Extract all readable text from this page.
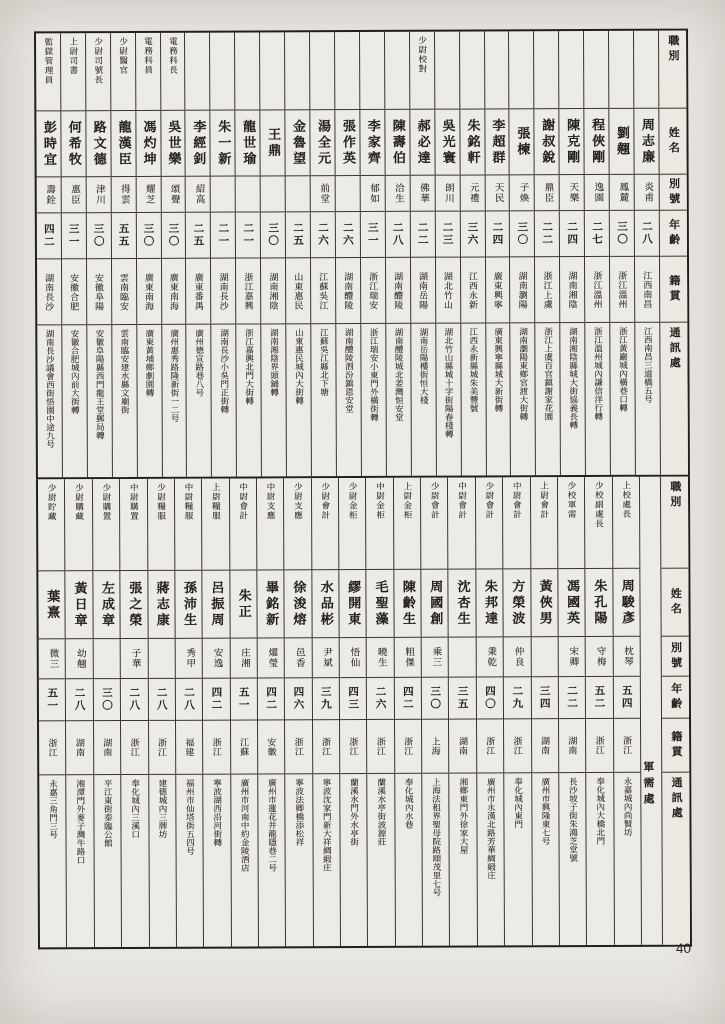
職別
姓名
別號
年齡
籍貫
通訊處
周志廉
炎甫
二八
江西南昌
江西南昌三道橋五号
劉翹
鳳麓
三〇
浙江溫州
浙江黃巖城內橫巷口轉
程俠剛
逸園
二七
浙江溫州
浙江溫州城內謙信洋行轉
陳克剛
天樂
二四
湖南湘陰
湖南湘陰縣城大街協義長轉
謝叔銳
鼎臣
二二
浙江上虞
浙江上虞百官鎮謝家花園
張楝
子煥
三〇
湖南瀏陽
湖南瀏陽東鄉官渡大街轉
李超群
天民
二四
廣東興寧
廣東興寧縣城大新街轉
朱銘軒
元禮
三六
江西永新
江西永新縣城朱美豐號
吳光寰
朗川
二三
湖北竹山
湖北竹山縣城十字街陽春棧轉
少尉校對
郝必達
佛華
二二
湖南岳陽
湖南岳陽樓街恒大棧
陳壽伯
洽生
二八
湖南醴陵
湖南醴陵城北姜灣恒安堂
李家齊
郁如
三一
浙江瑞安
浙江瑞安小東門外橫街轉
張作英
二六
湖南醴陵
湖南醴陵泗汾鎮恩安堂
湯全元
前堂
二六
江蘇吳江
江蘇吳江縣北下塘
金魯望
二五
山東惠民
山東惠民城內大街轉
王鼎
三〇
湖南湘陰
湖南湘陰界頭鋪轉
龍世瑜
二一
浙江嘉興
浙江嘉興北門大街轉
朱一新
二一
湖南長沙
湖南長沙小吳門正街轉
李經釗
紹高
二五
廣東番禺
廣州德宣路巷八号
電務科長
吳世樂
頌聲
三〇
廣東南海
廣州惠秀路隆新街一二号
電務科員
馮灼坤
耀芝
三〇
廣東南海
廣東黃埔鄉劇園轉
少尉醫官
龍漢臣
得雲
五五
雲南臨安
雲南臨安建水縣文廟街
少尉司號長
路文德
津川
三〇
安徽阜陽
安徽阜陽縣西門龍王堂郵局轉
上尉司書
何希牧
惠臣
三一
安徽合肥
安徽合肥城內前大街轉
監獄管理員
彭時宜
壽銓
四二
湖南長沙
湖南長沙議會西街悟園中途九号
職別
姓名
別號
年齡
籍貫
通訊處
軍需處
上校處長
周駿彥
枕琴
五四
浙江
永嘉城內尚賢坊
少校副處長
朱孔陽
守梅
五二
浙江
奉化城內大橋北門
少校軍需
馮國英
宋卿
二二
湖南
長沙坡子街朱鴻芝堂號
上尉會計
黃俠男
三四
湖南
廣州市興隆東七号
中尉會計
方榮波
仲良
二九
浙江
奉化城內東門
少尉會計
朱邦達
秉乾
四〇
浙江
廣州市永漢北路芳華綢緞庄
中尉會計
沈杏生
三五
湖南
湘鄉東門外徐家大屋
少尉會計
周國創
乘三
三〇
上海
上海法租界聖母院路順茂里七号
上尉金柜
陳齡生
粗傑
四二
浙江
奉化城內水巷
中尉金柜
毛聖藻
曉生
二六
浙江
蘭溪水亭街波源莊
少尉金柜
繆開東
悟仙
四三
浙江
蘭溪水門外水亭街
少尉會計
水品彬
尹斌
三九
浙江
寧波沈家門新大祥綢緞庄
少尉支應
徐浚熔
邑香
四六
浙江
寧波法卿橋添松祥
中尉支應
畢銘新
燿瑩
四二
安徽
廣州市蓮花井龍隱巷二号
中尉會計
朱正
庄湘
五一
江蘇
廣州市河南中約金陵酒店
上尉糧服
呂振周
安逸
四二
浙江
寧波湖西沿河街轉
中尉糧服
孫沛生
秀甲
二八
福建
福州市仙塔街五四号
少尉糧服
蔣志康
二八
浙江
建德城內三牌坊
中尉購置
張之榮
子華
二八
浙江
奉化城內三溪口
少尉購置
左成章
三〇
湖南
平江東街泰臨公館
少尉購藏
黃日章
幼翹
二八
湖南
湘潭門外麥子灣牛路口
少尉貯藏
葉熹
微三
五一
浙江
永嘉三角門三号
40
